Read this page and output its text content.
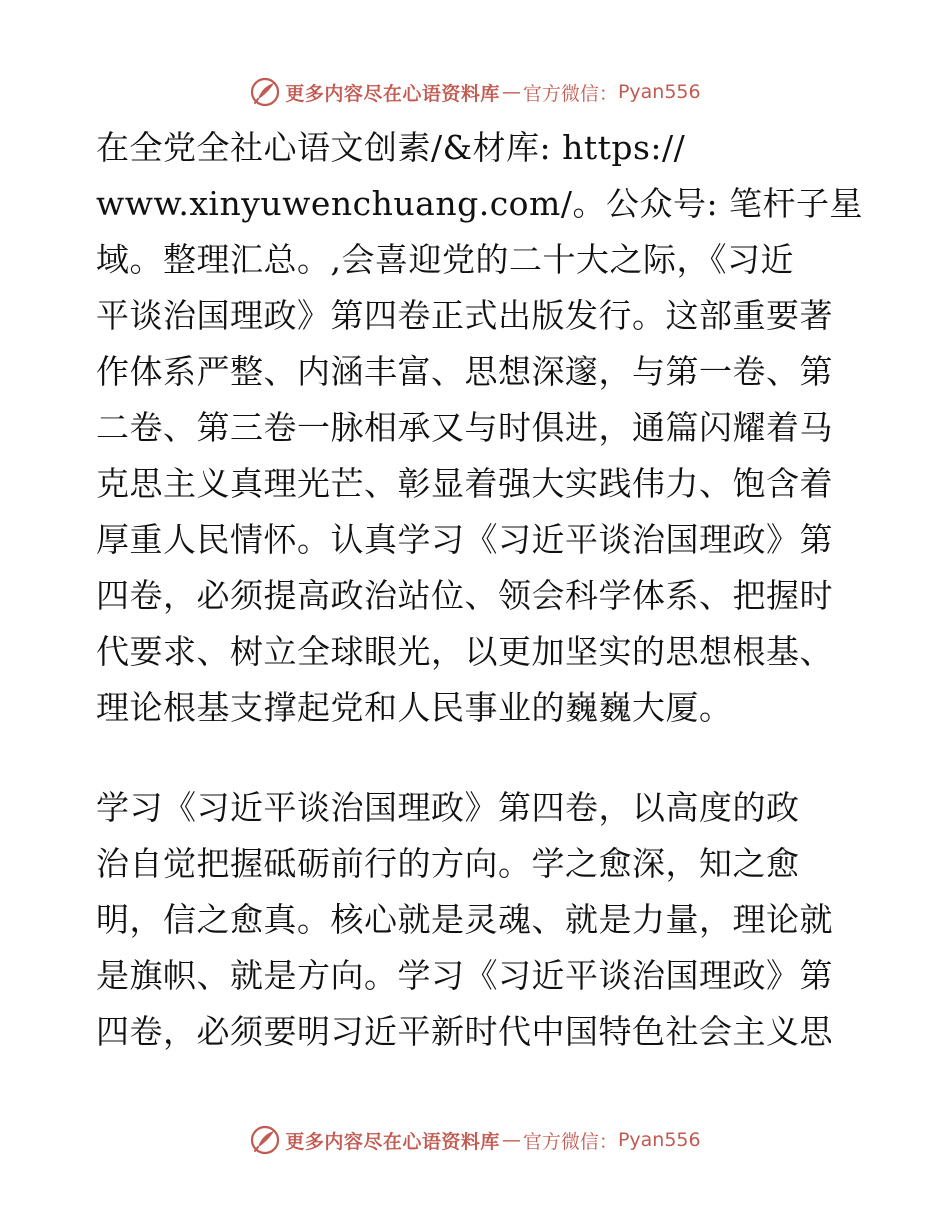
更多内容尽在心语资料库 — 官方微信： Pyan556
在全党全社心语文创素/&材库: https://
www.xinyuwenchuang.com/。公众号: 笔杆子星
域。整理汇总。,会喜迎党的二十大之际，《习近
平谈治国理政》第四卷正式出版发行。这部重要著
作体系严整、内涵丰富、思想深邃，与第一卷、第
二卷、第三卷一脉相承又与时俱进，通篇闪耀着马
克思主义真理光芒、彰显着强大实践伟力、饱含着
厚重人民情怀。认真学习《习近平谈治国理政》第
四卷，必须提高政治站位、领会科学体系、把握时
代要求、树立全球眼光，以更加坚实的思想根基、
理论根基支撑起党和人民事业的巍巍大厦。
学习《习近平谈治国理政》第四卷，以高度的政
治自觉把握砥砺前行的方向。学之愈深，知之愈
明，信之愈真。核心就是灵魂、就是力量，理论就
是旗帜、就是方向。学习《习近平谈治国理政》第
四卷，必须要明习近平新时代中国特色社会主义思
更多内容尽在心语资料库 — 官方微信： Pyan556
